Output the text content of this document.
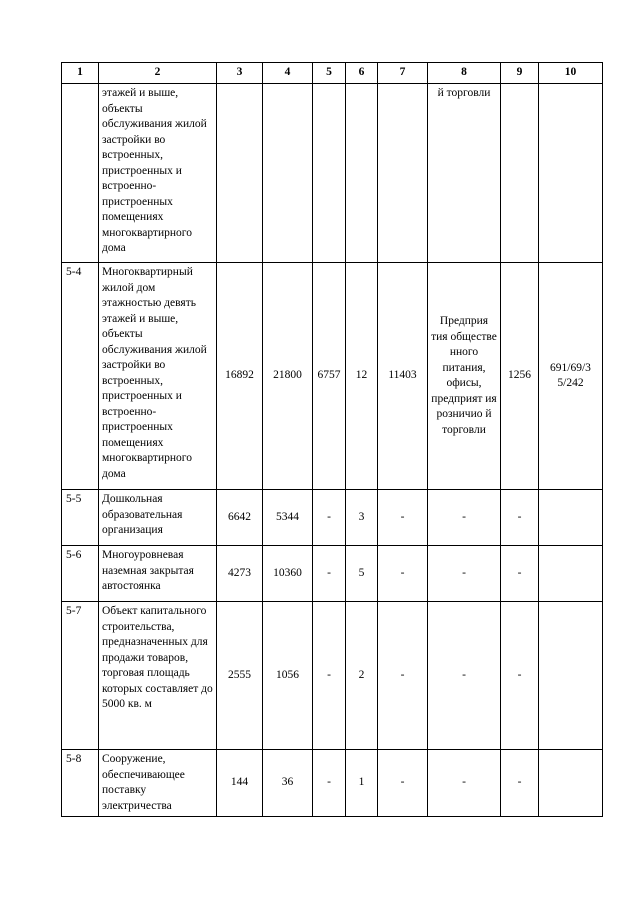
1	2	3	4	5	6	7	8	9	10
	этажей и выше, объекты обслуживания жилой застройки во встроенных, пристроенных и встроенно-пристроенных помещениях многоквартирного дома						й торговли		
5-4	Многоквартирный жилой дом этажностью девять этажей и выше, объекты обслуживания жилой застройки во встроенных, пристроенных и встроенно-пристроенных помещениях многоквартирного дома	16892	21800	6757	12	11403	Предприя тия обществе нного питания, офисы, предприят ия розничио й торговли	1256	691/69/3 5/242
5-5	Дошкольная образовательная организация	6642	5344	-	3	-	-	-	
5-6	Многоуровневая наземная закрытая автостоянка	4273	10360	-	5	-	-	-	
5-7	Объект капитального строительства, предназначенных для продажи товаров, торговая площадь которых составляет до 5000 кв. м	2555	1056	-	2	-	-	-	
5-8	Сооружение, обеспечивающее поставку электричества	144	36	-	1	-	-	-	
